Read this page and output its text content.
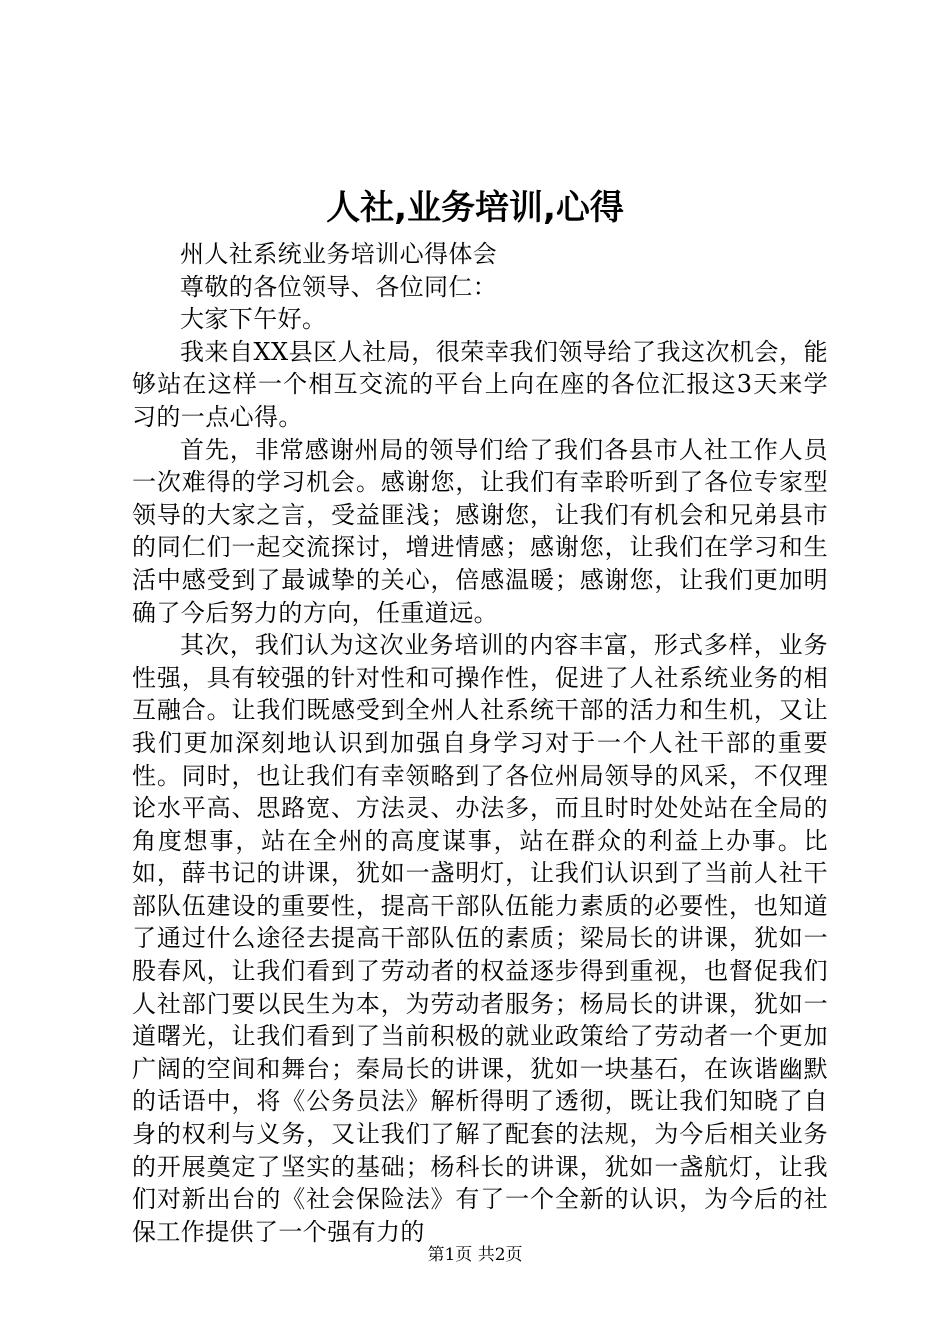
人社,业务培训,心得

州人社系统业务培训心得体会

尊敬的各位领导、各位同仁：

大家下午好。

我来自XX县区人社局，很荣幸我们领导给了我这次机会，能够站在这样一个相互交流的平台上向在座的各位汇报这3天来学习的一点心得。

首先，非常感谢州局的领导们给了我们各县市人社工作人员一次难得的学习机会。感谢您，让我们有幸聆听到了各位专家型领导的大家之言，受益匪浅；感谢您，让我们有机会和兄弟县市的同仁们一起交流探讨，增进情感；感谢您，让我们在学习和生活中感受到了最诚挚的关心，倍感温暖；感谢您，让我们更加明确了今后努力的方向，任重道远。

其次，我们认为这次业务培训的内容丰富，形式多样，业务性强，具有较强的针对性和可操作性，促进了人社系统业务的相互融合。让我们既感受到全州人社系统干部的活力和生机，又让我们更加深刻地认识到加强自身学习对于一个人社干部的重要性。同时，也让我们有幸领略到了各位州局领导的风采，不仅理论水平高、思路宽、方法灵、办法多，而且时时处处站在全局的角度想事，站在全州的高度谋事，站在群众的利益上办事。比如，薛书记的讲课，犹如一盏明灯，让我们认识到了当前人社干部队伍建设的重要性，提高干部队伍能力素质的必要性，也知道了通过什么途径去提高干部队伍的素质；梁局长的讲课，犹如一股春风，让我们看到了劳动者的权益逐步得到重视，也督促我们人社部门要以民生为本，为劳动者服务；杨局长的讲课，犹如一道曙光，让我们看到了当前积极的就业政策给了劳动者一个更加广阔的空间和舞台；秦局长的讲课，犹如一块基石，在诙谐幽默的话语中，将《公务员法》解析得明了透彻，既让我们知晓了自身的权利与义务，又让我们了解了配套的法规，为今后相关业务的开展奠定了坚实的基础；杨科长的讲课，犹如一盏航灯，让我们对新出台的《社会保险法》有了一个全新的认识，为今后的社保工作提供了一个强有力的

第1页 共2页
